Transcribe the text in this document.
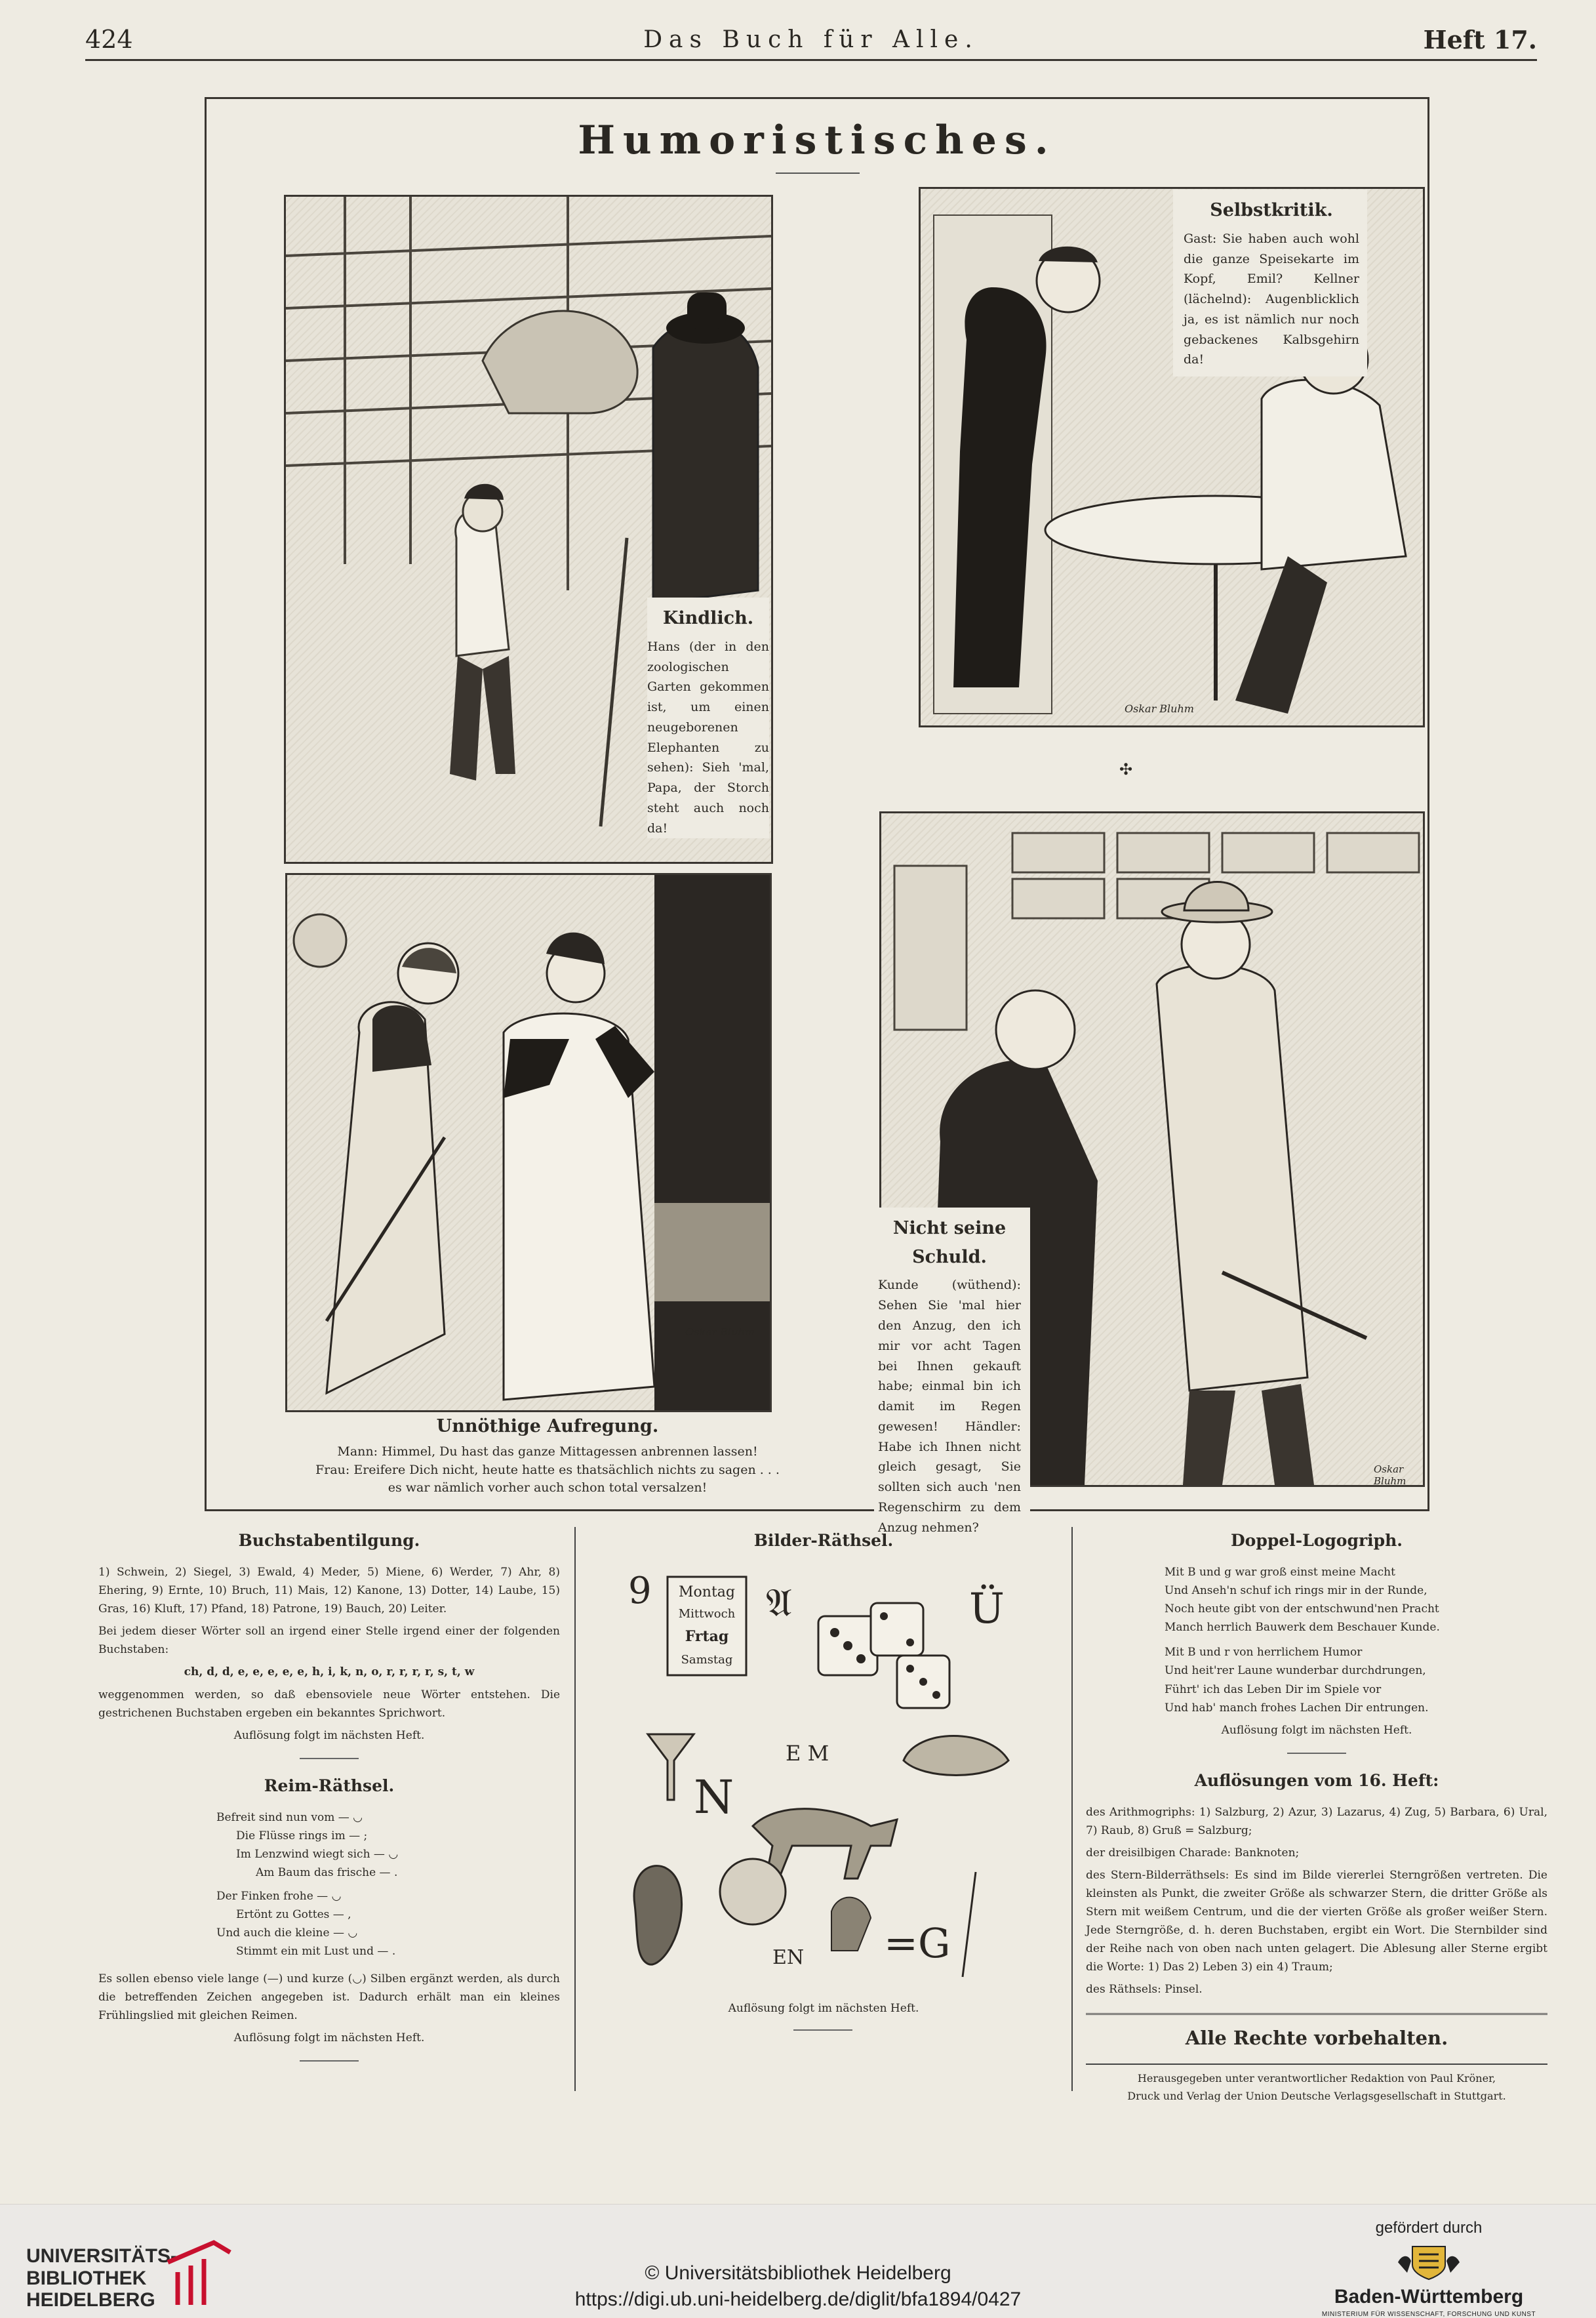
424	Das Buch für Alle.	Heft 17.
Humoristisches.
Kindlich.
Hans (der in den zoologischen Garten gekommen ist, um einen neugeborenen Elephanten zu sehen): Sieh 'mal, Papa, der Storch steht auch noch da!
Selbstkritik.
Gast: Sie haben auch wohl die ganze Speisekarte im Kopf, Emil? Kellner (lächelnd): Augenblicklich ja, es ist nämlich nur noch gebackenes Kalbsgehirn da!
Oskar Bluhm
✣
Oskar Bluhm
Nicht seine Schuld.
Kunde (wüthend): Sehen Sie 'mal hier den Anzug, den ich mir vor acht Tagen bei Ihnen gekauft habe; einmal bin ich damit im Regen gewesen! Händler: Habe ich Ihnen nicht gleich gesagt, Sie sollten sich auch 'nen Regenschirm zu dem Anzug nehmen?
Oskar Bluhm
Unnöthige Aufregung.
Mann: Himmel, Du hast das ganze Mittagessen anbrennen lassen!
Frau: Ereifere Dich nicht, heute hatte es thatsächlich nichts zu sagen . . .
es war nämlich vorher auch schon total versalzen!
Buchstabentilgung.

1) Schwein, 2) Siegel, 3) Ewald, 4) Meder, 5) Miene, 6) Werder, 7) Ahr, 8) Ehering, 9) Ernte, 10) Bruch, 11) Mais, 12) Kanone, 13) Dotter, 14) Laube, 15) Gras, 16) Kluft, 17) Pfand, 18) Patrone, 19) Bauch, 20) Leiter.

Bei jedem dieser Wörter soll an irgend einer Stelle irgend einer der folgenden Buchstaben:

ch, d, d, e, e, e, e, e, h, i, k, n, o, r, r, r, r, s, t, w

weggenommen werden, so daß ebensoviele neue Wörter entstehen. Die gestrichenen Buchstaben ergeben ein bekanntes Sprichwort.

Auflösung folgt im nächsten Heft.

Reim-Räthsel.
Befreit sind nun vom — ◡
Die Flüsse rings im — ;
Im Lenzwind wiegt sich — ◡
Am Baum das frische — .
Der Finken frohe — ◡
Ertönt zu Gottes — ,
Und auch die kleine — ◡
Stimmt ein mit Lust und — .

Es sollen ebenso viele lange (—) und kurze (◡) Silben ergänzt werden, als durch die betreffenden Zeichen angegeben ist. Dadurch erhält man ein kleines Frühlingslied mit gleichen Reimen.

Auflösung folgt im nächsten Heft.

Bilder-Räthsel.
Montag
Mittwoch
Frtag
Samstag
9	𝔄	Ü
N
E M
EN =G
Auflösung folgt im nächsten Heft.
Doppel-Logogriph.
Mit B und g war groß einst meine Macht
Und Anseh'n schuf ich rings mir in der Runde,
Noch heute gibt von der entschwund'nen Pracht
Manch herrlich Bauwerk dem Beschauer Kunde.
Mit B und r von herrlichem Humor
Und heit'rer Laune wunderbar durchdrungen,
Führt' ich das Leben Dir im Spiele vor
Und hab' manch frohes Lachen Dir entrungen.

Auflösung folgt im nächsten Heft.

Auflösungen vom 16. Heft:

des Arithmogriphs: 1) Salzburg, 2) Azur, 3) Lazarus, 4) Zug, 5) Barbara, 6) Ural, 7) Raub, 8) Gruß = Salzburg;

der dreisilbigen Charade: Banknoten;

des Stern-Bilderräthsels: Es sind im Bilde viererlei Sterngrößen vertreten. Die kleinsten als Punkt, die zweiter Größe als schwarzer Stern, die dritter Größe als Stern mit weißem Centrum, und die der vierten Größe als großer weißer Stern. Jede Sterngröße, d. h. deren Buchstaben, ergibt ein Wort. Die Sternbilder sind der Reihe nach von oben nach unten gelagert. Die Ablesung aller Sterne ergibt die Worte: 1) Das 2) Leben 3) ein 4) Traum;

des Räthsels: Pinsel.

Alle Rechte vorbehalten.
Herausgegeben unter verantwortlicher Redaktion von Paul Kröner,
Druck und Verlag der Union Deutsche Verlagsgesellschaft in Stuttgart.
UNIVERSITÄTS-
BIBLIOTHEK
HEIDELBERG
© Universitätsbibliothek Heidelberg
https://digi.ub.uni-heidelberg.de/diglit/bfa1894/0427
gefördert durch
Baden-Württemberg
MINISTERIUM FÜR WISSENSCHAFT, FORSCHUNG UND KUNST
